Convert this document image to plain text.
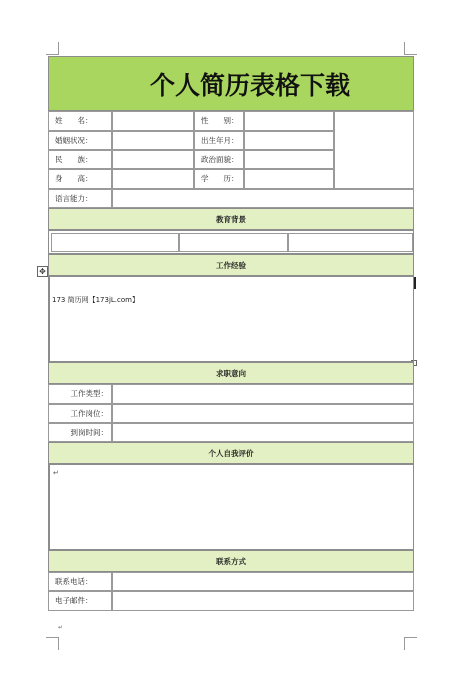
✥
个人简历表格下载
姓　　名：	性　　别：
婚姻状况：	出生年月：
民　　族：	政治面貌：
身　　高：	学　　历：
语言能力：
教育背景
工作经验
173 简历网【173jL.com】
求职意向
工作类型：
工作岗位：
到岗时间：
个人自我评价
↵
联系方式
联系电话：
电子邮件：
↵
